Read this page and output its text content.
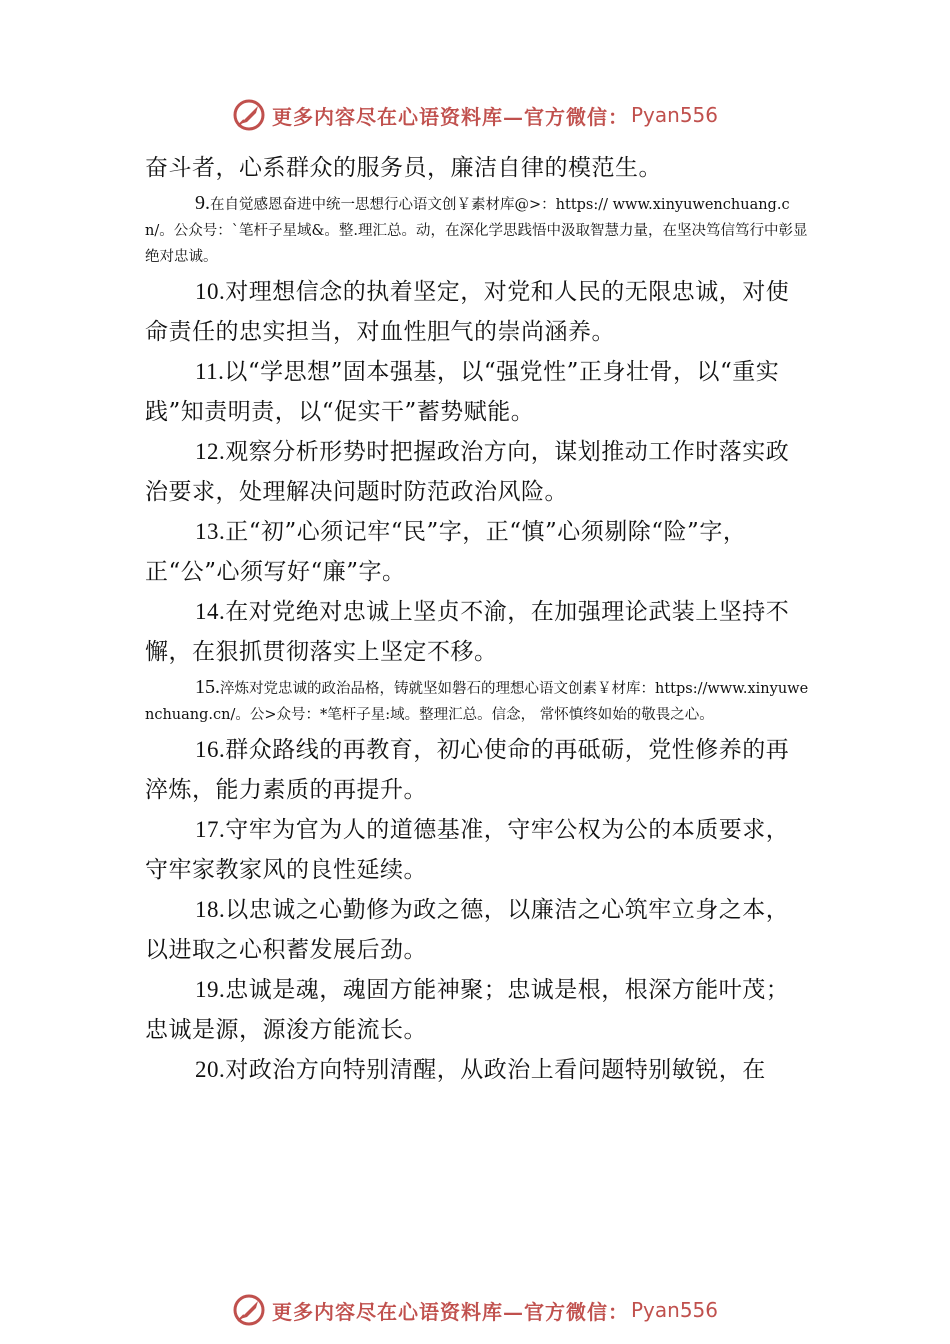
更多内容尽在心语资料库—官方微信： Pyan556

奋斗者，心系群众的服务员，廉洁自律的模范生。

9.在自觉感恩奋进中统一思想行心语文创￥素材库@>：https:// www.xinyuwenchuang.cn/。公众号：`笔杆子星域&。整.理汇总。动，在深化学思践悟中汲取智慧力量，在坚决笃信笃行中彰显绝对忠诚。

10.对理想信念的执着坚定，对党和人民的无限忠诚，对使命责任的忠实担当，对血性胆气的崇尚涵养。

11.以“学思想”固本强基，以“强党性”正身壮骨，以“重实践”知责明责，以“促实干”蓄势赋能。

12.观察分析形势时把握政治方向，谋划推动工作时落实政治要求，处理解决问题时防范政治风险。

13.正“初”心须记牢“民”字，正“慎”心须剔除“险”字，正“公”心须写好“廉”字。

14.在对党绝对忠诚上坚贞不渝，在加强理论武装上坚持不懈，在狠抓贯彻落实上坚定不移。

15.淬炼对党忠诚的政治品格，铸就坚如磐石的理想心语文创素￥材库：https://www.xinyuwenchuang.cn/。公>众号：*笔杆子星:域。整理汇总。信念， 常怀慎终如始的敬畏之心。

16.群众路线的再教育，初心使命的再砥砺，党性修养的再淬炼，能力素质的再提升。

17.守牢为官为人的道德基准，守牢公权为公的本质要求，守牢家教家风的良性延续。

18.以忠诚之心勤修为政之德，以廉洁之心筑牢立身之本，以进取之心积蓄发展后劲。

19.忠诚是魂，魂固方能神聚；忠诚是根，根深方能叶茂；忠诚是源，源浚方能流长。

20.对政治方向特别清醒，从政治上看问题特别敏锐，在

更多内容尽在心语资料库—官方微信： Pyan556
